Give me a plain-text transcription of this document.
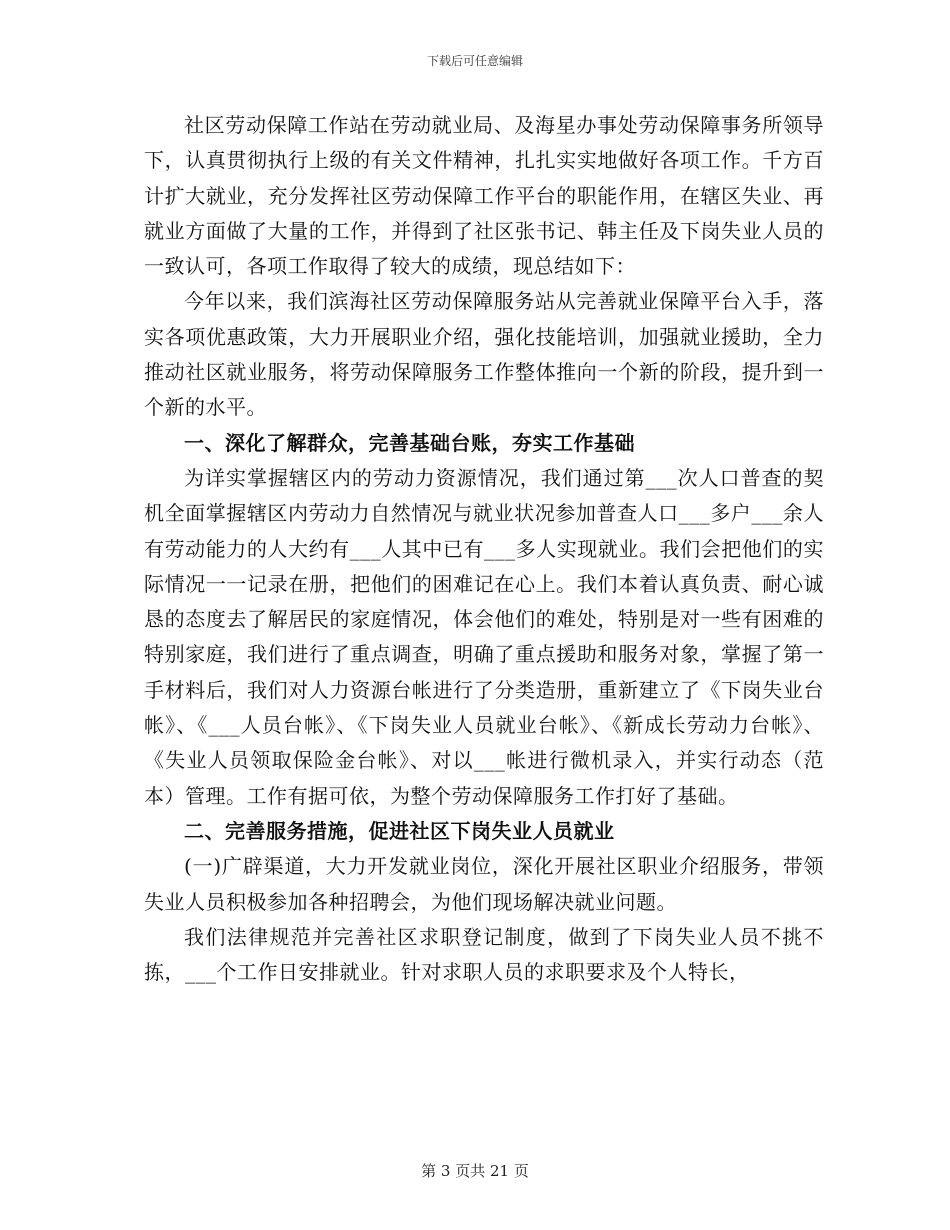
下载后可任意编辑

社区劳动保障工作站在劳动就业局、及海星办事处劳动保障事务所领导下，认真贯彻执行上级的有关文件精神，扎扎实实地做好各项工作。千方百计扩大就业，充分发挥社区劳动保障工作平台的职能作用，在辖区失业、再就业方面做了大量的工作，并得到了社区张书记、韩主任及下岗失业人员的一致认可，各项工作取得了较大的成绩，现总结如下：

今年以来，我们滨海社区劳动保障服务站从完善就业保障平台入手，落实各项优惠政策，大力开展职业介绍，强化技能培训，加强就业援助，全力推动社区就业服务，将劳动保障服务工作整体推向一个新的阶段，提升到一个新的水平。

一、深化了解群众，完善基础台账，夯实工作基础

为详实掌握辖区内的劳动力资源情况，我们通过第___次人口普查的契机全面掌握辖区内劳动力自然情况与就业状况参加普查人口___多户___余人有劳动能力的人大约有___人其中已有___多人实现就业。我们会把他们的实际情况一一记录在册，把他们的困难记在心上。我们本着认真负责、耐心诚恳的态度去了解居民的家庭情况，体会他们的难处，特别是对一些有困难的特别家庭，我们进行了重点调查，明确了重点援助和服务对象，掌握了第一手材料后，我们对人力资源台帐进行了分类造册，重新建立了《下岗失业台帐》、《___人员台帐》、《下岗失业人员就业台帐》、《新成长劳动力台帐》、《失业人员领取保险金台帐》、对以___帐进行微机录入，并实行动态（范本）管理。工作有据可依，为整个劳动保障服务工作打好了基础。

二、完善服务措施，促进社区下岗失业人员就业

(一)广辟渠道，大力开发就业岗位，深化开展社区职业介绍服务，带领失业人员积极参加各种招聘会，为他们现场解决就业问题。

我们法律规范并完善社区求职登记制度，做到了下岗失业人员不挑不拣，___个工作日安排就业。针对求职人员的求职要求及个人特长，

第 3 页共 21 页
